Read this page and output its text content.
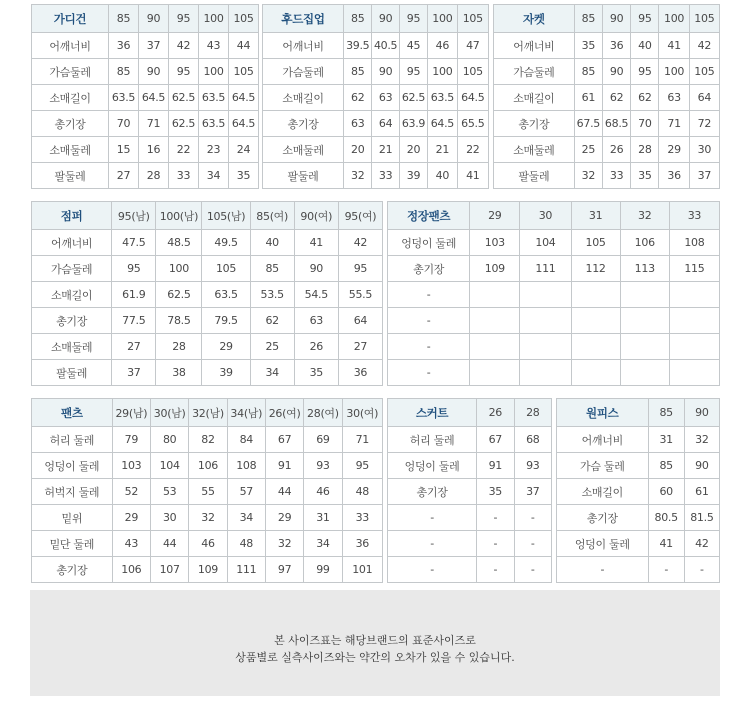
가디건	85	90	95	100	105
어깨너비	36	37	42	43	44
가슴둘레	85	90	95	100	105
소매길이	63.5	64.5	62.5	63.5	64.5
총기장	70	71	62.5	63.5	64.5
소매둘레	15	16	22	23	24
팔둘레	27	28	33	34	35
후드집업	85	90	95	100	105
어깨너비	39.5	40.5	45	46	47
가슴둘레	85	90	95	100	105
소매길이	62	63	62.5	63.5	64.5
총기장	63	64	63.9	64.5	65.5
소매둘레	20	21	20	21	22
팔둘레	32	33	39	40	41
자켓	85	90	95	100	105
어깨너비	35	36	40	41	42
가슴둘레	85	90	95	100	105
소매길이	61	62	62	63	64
총기장	67.5	68.5	70	71	72
소매둘레	25	26	28	29	30
팔둘레	32	33	35	36	37
점퍼	95(남)	100(남)	105(남)	85(여)	90(여)	95(여)
어깨너비	47.5	48.5	49.5	40	41	42
가슴둘레	95	100	105	85	90	95
소매길이	61.9	62.5	63.5	53.5	54.5	55.5
총기장	77.5	78.5	79.5	62	63	64
소매둘레	27	28	29	25	26	27
팔둘레	37	38	39	34	35	36
정장팬츠	29	30	31	32	33
엉덩이 둘레	103	104	105	106	108
총기장	109	111	112	113	115
-					
-					
-					
-					
팬츠	29(남)	30(남)	32(남)	34(남)	26(여)	28(여)	30(여)
허리 둘레	79	80	82	84	67	69	71
엉덩이 둘레	103	104	106	108	91	93	95
허벅지 둘레	52	53	55	57	44	46	48
밑위	29	30	32	34	29	31	33
밑단 둘레	43	44	46	48	32	34	36
총기장	106	107	109	111	97	99	101
스커트	26	28
허리 둘레	67	68
엉덩이 둘레	91	93
총기장	35	37
-	-	-
-	-	-
-	-	-
원피스	85	90
어깨너비	31	32
가슴 둘레	85	90
소매길이	60	61
총기장	80.5	81.5
엉덩이 둘레	41	42
-	-	-
본 사이즈표는 해당브랜드의 표준사이즈로
상품별로 실측사이즈와는 약간의 오차가 있을 수 있습니다.
